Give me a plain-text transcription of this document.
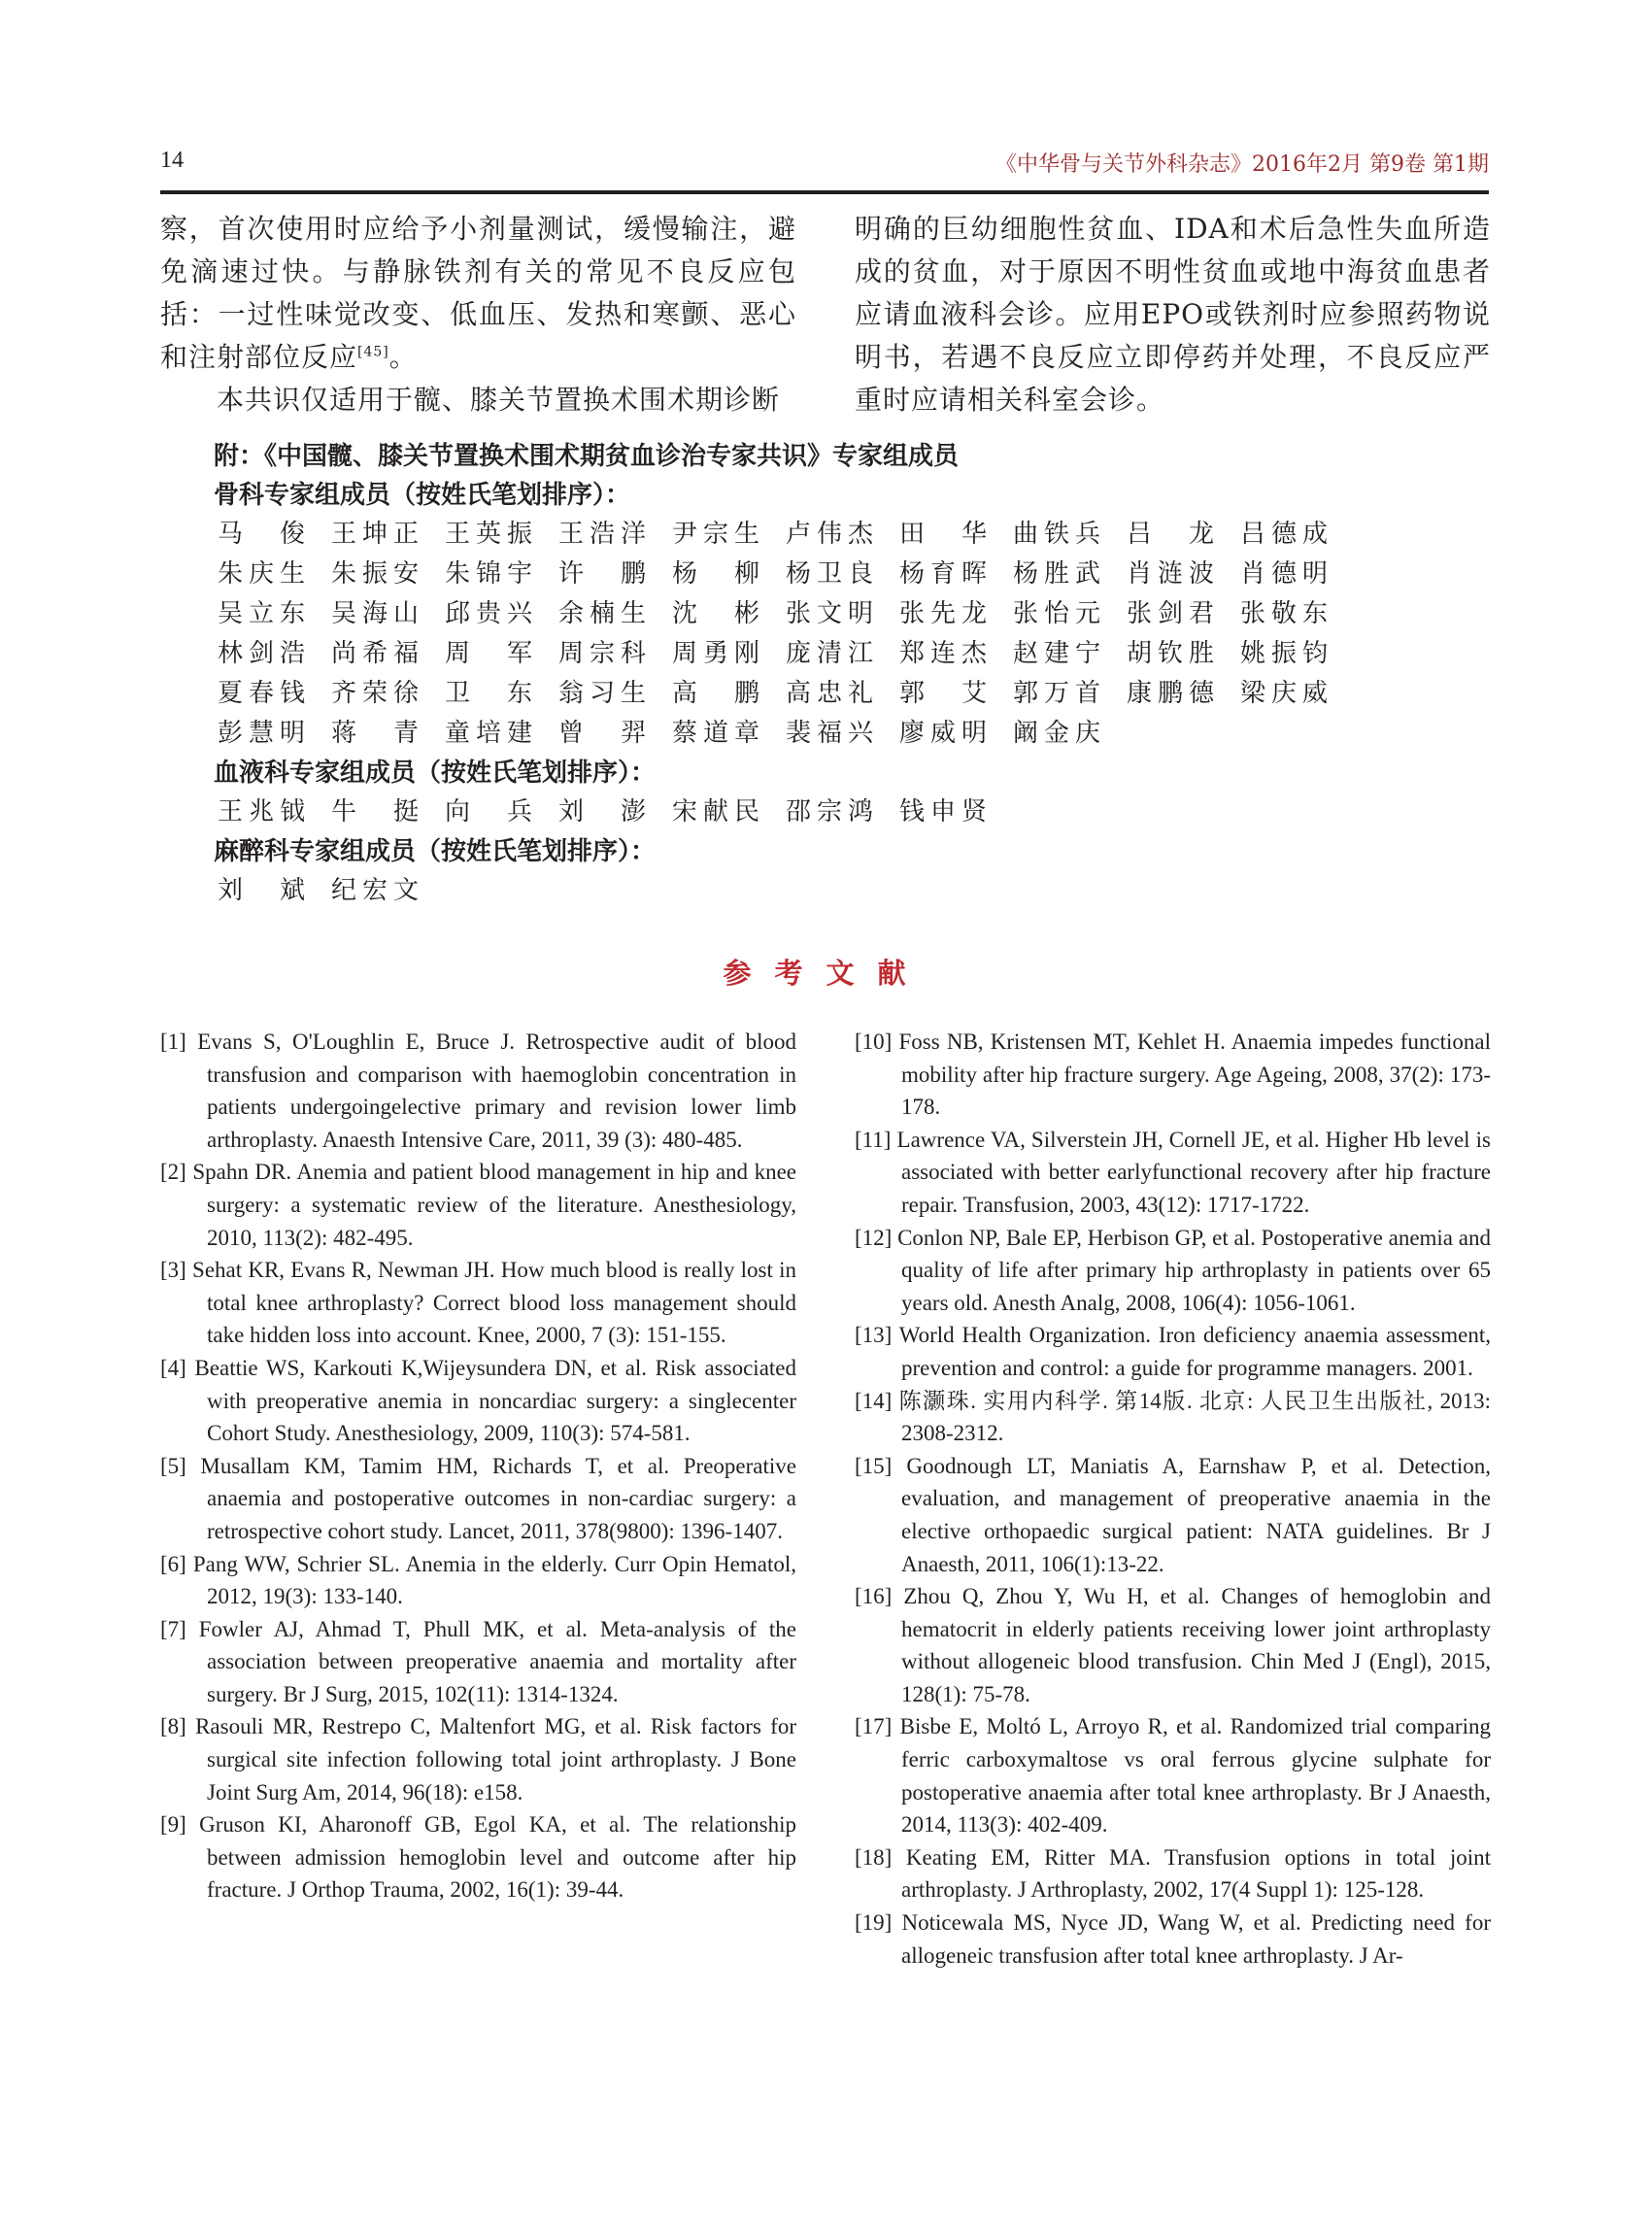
14	《中华骨与关节外科杂志》2016年2月 第9卷 第1期

察，首次使用时应给予小剂量测试，缓慢输注，避免滴速过快。与静脉铁剂有关的常见不良反应包括：一过性味觉改变、低血压、发热和寒颤、恶心和注射部位反应[45]。

本共识仅适用于髋、膝关节置换术围术期诊断

明确的巨幼细胞性贫血、IDA和术后急性失血所造成的贫血，对于原因不明性贫血或地中海贫血患者应请血液科会诊。应用EPO或铁剂时应参照药物说明书，若遇不良反应立即停药并处理，不良反应严重时应请相关科室会诊。

附：《中国髋、膝关节置换术围术期贫血诊治专家共识》专家组成员
骨科专家组成员（按姓氏笔划排序）：
马　俊 王坤正 王英振 王浩洋 尹宗生 卢伟杰 田　华 曲铁兵 吕　龙 吕德成
朱庆生 朱振安 朱锦宇 许　鹏 杨　柳 杨卫良 杨育晖 杨胜武 肖涟波 肖德明
吴立东 吴海山 邱贵兴 余楠生 沈　彬 张文明 张先龙 张怡元 张剑君 张敬东
林剑浩 尚希福 周　军 周宗科 周勇刚 庞清江 郑连杰 赵建宁 胡钦胜 姚振钧
夏春钱 齐荣徐 卫　东 翁习生 高　鹏 高忠礼 郭　艾 郭万首 康鹏德 梁庆威
彭慧明 蒋　青 童培建 曾　羿 蔡道章 裴福兴 廖威明 阚金庆
血液科专家组成员（按姓氏笔划排序）：
王兆钺 牛　挺 向　兵 刘　澎 宋献民 邵宗鸿 钱申贤
麻醉科专家组成员（按姓氏笔划排序）：
刘　斌 纪宏文
参考文献
[1] Evans S, O'Loughlin E, Bruce J. Retrospective audit of blood transfusion and comparison with haemoglobin concentration in patients undergoingelective primary and revision lower limb arthroplasty. Anaesth Intensive Care, 2011, 39 (3): 480-485.
[2] Spahn DR. Anemia and patient blood management in hip and knee surgery: a systematic review of the literature. Anesthesiology, 2010, 113(2): 482-495.
[3] Sehat KR, Evans R, Newman JH. How much blood is really lost in total knee arthroplasty? Correct blood loss management should take hidden loss into account. Knee, 2000, 7 (3): 151-155.
[4] Beattie WS, Karkouti K,Wijeysundera DN, et al. Risk associated with preoperative anemia in noncardiac surgery: a singlecenter Cohort Study. Anesthesiology, 2009, 110(3): 574-581.
[5] Musallam KM, Tamim HM, Richards T, et al. Preoperative anaemia and postoperative outcomes in non-cardiac surgery: a retrospective cohort study. Lancet, 2011, 378(9800): 1396-1407.
[6] Pang WW, Schrier SL. Anemia in the elderly. Curr Opin Hematol, 2012, 19(3): 133-140.
[7] Fowler AJ, Ahmad T, Phull MK, et al. Meta-analysis of the association between preoperative anaemia and mortality after surgery. Br J Surg, 2015, 102(11): 1314-1324.
[8] Rasouli MR, Restrepo C, Maltenfort MG, et al. Risk factors for surgical site infection following total joint arthroplasty. J Bone Joint Surg Am, 2014, 96(18): e158.
[9] Gruson KI, Aharonoff GB, Egol KA, et al. The relationship between admission hemoglobin level and outcome after hip fracture. J Orthop Trauma, 2002, 16(1): 39-44.
[10] Foss NB, Kristensen MT, Kehlet H. Anaemia impedes functional mobility after hip fracture surgery. Age Ageing, 2008, 37(2): 173-178.
[11] Lawrence VA, Silverstein JH, Cornell JE, et al. Higher Hb level is associated with better earlyfunctional recovery after hip fracture repair. Transfusion, 2003, 43(12): 1717-1722.
[12] Conlon NP, Bale EP, Herbison GP, et al. Postoperative anemia and quality of life after primary hip arthroplasty in patients over 65 years old. Anesth Analg, 2008, 106(4): 1056-1061.
[13] World Health Organization. Iron deficiency anaemia assessment, prevention and control: a guide for programme managers. 2001.
[14] 陈灏珠. 实用内科学. 第14版. 北京: 人民卫生出版社, 2013: 2308-2312.
[15] Goodnough LT, Maniatis A, Earnshaw P, et al. Detection, evaluation, and management of preoperative anaemia in the elective orthopaedic surgical patient: NATA guidelines. Br J Anaesth, 2011, 106(1):13-22.
[16] Zhou Q, Zhou Y, Wu H, et al. Changes of hemoglobin and hematocrit in elderly patients receiving lower joint arthroplasty without allogeneic blood transfusion. Chin Med J (Engl), 2015, 128(1): 75-78.
[17] Bisbe E, Moltó L, Arroyo R, et al. Randomized trial comparing ferric carboxymaltose vs oral ferrous glycine sulphate for postoperative anaemia after total knee arthroplasty. Br J Anaesth, 2014, 113(3): 402-409.
[18] Keating EM, Ritter MA. Transfusion options in total joint arthroplasty. J Arthroplasty, 2002, 17(4 Suppl 1): 125-128.
[19] Noticewala MS, Nyce JD, Wang W, et al. Predicting need for allogeneic transfusion after total knee arthroplasty. J Ar-
